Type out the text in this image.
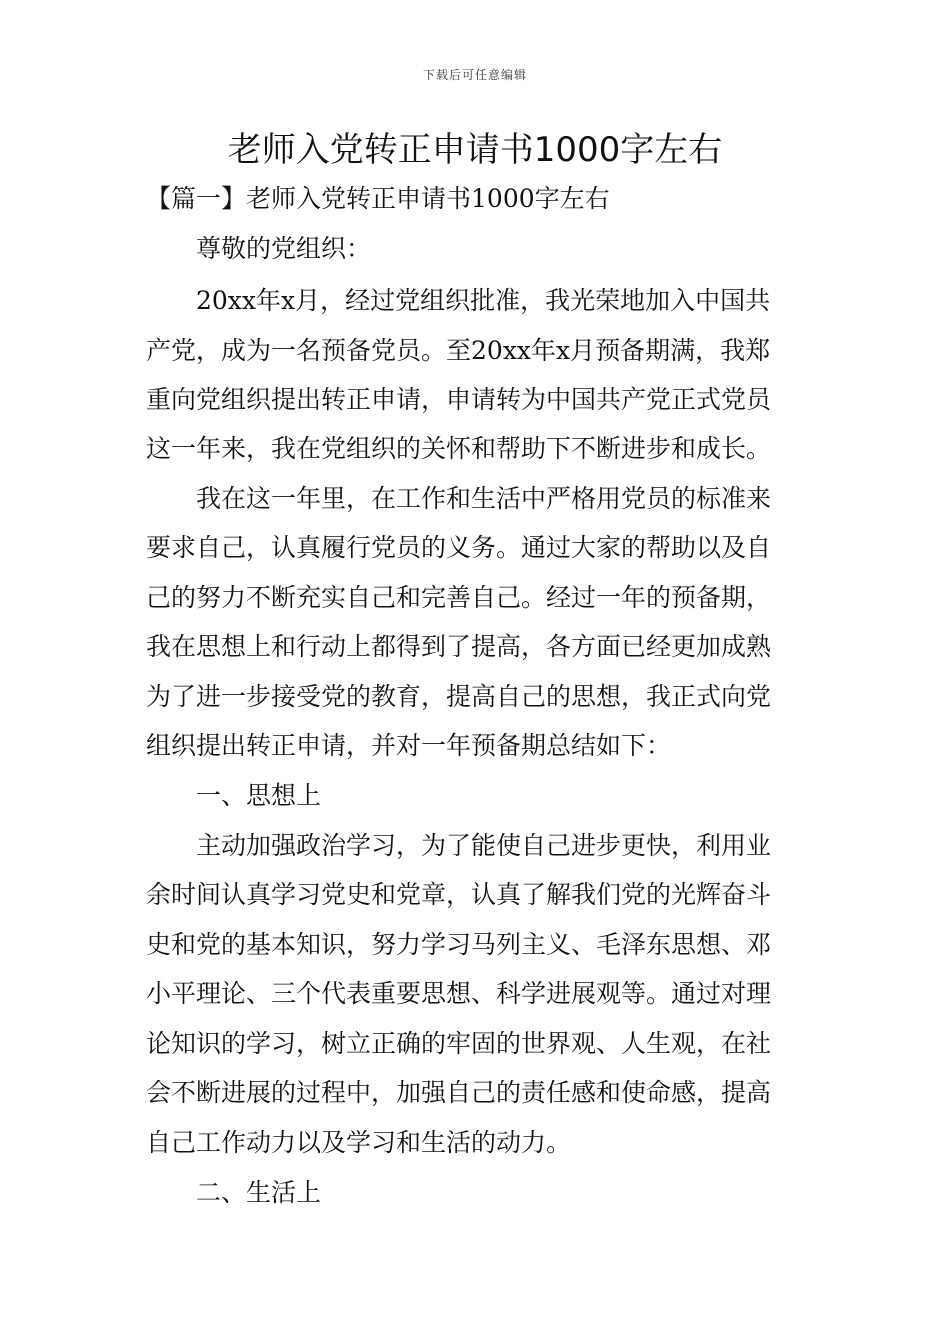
下载后可任意编辑
老师入党转正申请书1000字左右

【篇一】老师入党转正申请书1000字左右

尊敬的党组织：

20xx年x月，经过党组织批准，我光荣地加入中国共

产党，成为一名预备党员。至20xx年x月预备期满，我郑

重向党组织提出转正申请，申请转为中国共产党正式党员

这一年来，我在党组织的关怀和帮助下不断进步和成长。

我在这一年里，在工作和生活中严格用党员的标准来

要求自己，认真履行党员的义务。通过大家的帮助以及自

己的努力不断充实自己和完善自己。经过一年的预备期，

我在思想上和行动上都得到了提高，各方面已经更加成熟

为了进一步接受党的教育，提高自己的思想，我正式向党

组织提出转正申请，并对一年预备期总结如下：

一、思想上

主动加强政治学习，为了能使自己进步更快，利用业

余时间认真学习党史和党章，认真了解我们党的光辉奋斗

史和党的基本知识，努力学习马列主义、毛泽东思想、邓

小平理论、三个代表重要思想、科学进展观等。通过对理

论知识的学习，树立正确的牢固的世界观、人生观，在社

会不断进展的过程中，加强自己的责任感和使命感，提高

自己工作动力以及学习和生活的动力。

二、生活上
